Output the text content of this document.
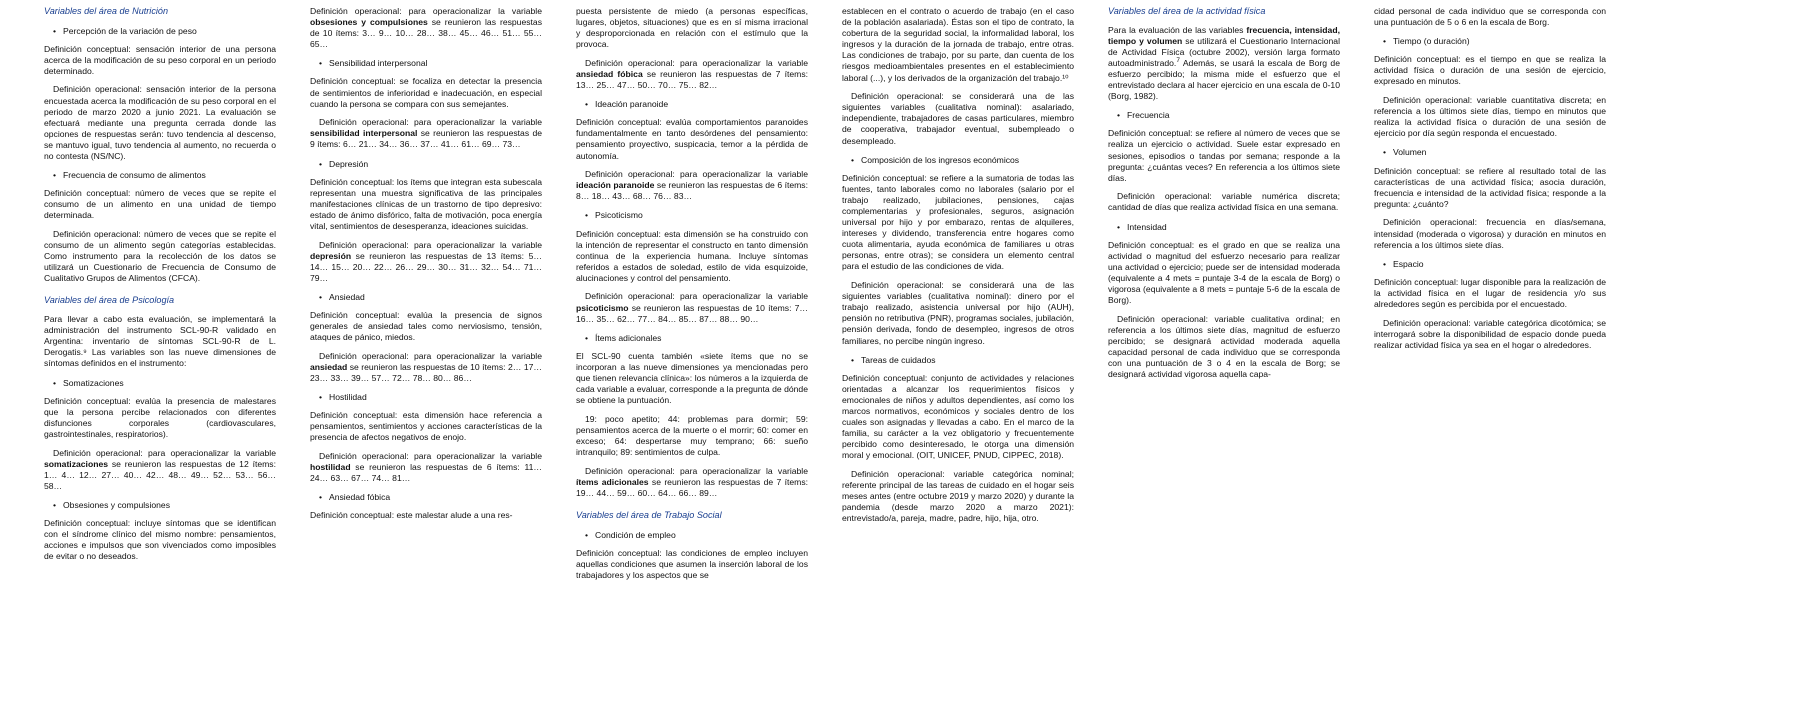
Variables del área de Nutrición

• Percepción de la variación de peso

Definición conceptual: sensación interior de una persona acerca de la modificación de su peso corporal en un periodo determinado.

Definición operacional: sensación interior de la persona encuestada acerca la modificación de su peso corporal en el periodo de marzo 2020 a junio 2021. La evaluación se efectuará mediante una pregunta cerrada donde las opciones de respuestas serán: tuvo tendencia al descenso, se mantuvo igual, tuvo tendencia al aumento, no recuerda o no contesta (NS/NC).

• Frecuencia de consumo de alimentos

Definición conceptual: número de veces que se repite el consumo de un alimento en una unidad de tiempo determinada.

Definición operacional: número de veces que se repite el consumo de un alimento según categorías establecidas. Como instrumento para la recolección de los datos se utilizará un Cuestionario de Frecuencia de Consumo de Cualitativo Grupos de Alimentos (CFCA).

Variables del área de Psicología

Para llevar a cabo esta evaluación, se implementará la administración del instrumento SCL-90-R validado en Argentina: inventario de síntomas SCL-90-R de L. Derogatis.⁹ Las variables son las nueve dimensiones de síntomas definidos en el instrumento:

• Somatizaciones

Definición conceptual: evalúa la presencia de malestares que la persona percibe relacionados con diferentes disfunciones corporales (cardiovasculares, gastrointestinales, respiratorios).

Definición operacional: para operacionalizar la variable somatizaciones se reunieron las respuestas de 12 ítems: 1… 4… 12… 27… 40… 42… 48… 49… 52… 53… 56… 58…

• Obsesiones y compulsiones

Definición conceptual: incluye síntomas que se identifican con el síndrome clínico del mismo nombre: pensamientos, acciones e impulsos que son vivenciados como imposibles de evitar o no deseados.

Definición operacional: para operacionalizar la variable obsesiones y compulsiones se reunieron las respuestas de 10 ítems: 3… 9… 10… 28… 38… 45… 46… 51… 55… 65…

• Sensibilidad interpersonal

Definición conceptual: se focaliza en detectar la presencia de sentimientos de inferioridad e inadecuación, en especial cuando la persona se compara con sus semejantes.

Definición operacional: para operacionalizar la variable sensibilidad interpersonal se reunieron las respuestas de 9 ítems: 6… 21… 34… 36… 37… 41… 61… 69… 73…

• Depresión

Definición conceptual: los ítems que integran esta subescala representan una muestra significativa de las principales manifestaciones clínicas de un trastorno de tipo depresivo: estado de ánimo disfórico, falta de motivación, poca energía vital, sentimientos de desesperanza, ideaciones suicidas.

Definición operacional: para operacionalizar la variable depresión se reunieron las respuestas de 13 ítems: 5… 14… 15… 20… 22… 26… 29… 30… 31… 32… 54… 71… 79…

• Ansiedad

Definición conceptual: evalúa la presencia de signos generales de ansiedad tales como nerviosismo, tensión, ataques de pánico, miedos.

Definición operacional: para operacionalizar la variable ansiedad se reunieron las respuestas de 10 ítems: 2… 17… 23… 33… 39… 57… 72… 78… 80… 86…

• Hostilidad

Definición conceptual: esta dimensión hace referencia a pensamientos, sentimientos y acciones características de la presencia de afectos negativos de enojo.

Definición operacional: para operacionalizar la variable hostilidad se reunieron las respuestas de 6 ítems: 11… 24… 63… 67… 74… 81…

• Ansiedad fóbica

Definición conceptual: este malestar alude a una res-

puesta persistente de miedo (a personas específicas, lugares, objetos, situaciones) que es en sí misma irracional y desproporcionada en relación con el estímulo que la provoca.

Definición operacional: para operacionalizar la variable ansiedad fóbica se reunieron las respuestas de 7 ítems: 13… 25… 47… 50… 70… 75… 82…

• Ideación paranoide

Definición conceptual: evalúa comportamientos paranoides fundamentalmente en tanto desórdenes del pensamiento: pensamiento proyectivo, suspicacia, temor a la pérdida de autonomía.

Definición operacional: para operacionalizar la variable ideación paranoide se reunieron las respuestas de 6 ítems: 8… 18… 43… 68… 76… 83…

• Psicoticismo

Definición conceptual: esta dimensión se ha construido con la intención de representar el constructo en tanto dimensión continua de la experiencia humana. Incluye síntomas referidos a estados de soledad, estilo de vida esquizoide, alucinaciones y control del pensamiento.

Definición operacional: para operacionalizar la variable psicoticismo se reunieron las respuestas de 10 ítems: 7… 16… 35… 62… 77… 84… 85… 87… 88… 90…

• Ítems adicionales

El SCL-90 cuenta también «siete ítems que no se incorporan a las nueve dimensiones ya mencionadas pero que tienen relevancia clínica»: los números a la izquierda de cada variable a evaluar, corresponde a la pregunta de dónde se obtiene la puntuación.

19: poco apetito; 44: problemas para dormir; 59: pensamientos acerca de la muerte o el morrir; 60: comer en exceso; 64: despertarse muy temprano; 66: sueño intranquilo; 89: sentimientos de culpa.

Definición operacional: para operacionalizar la variable ítems adicionales se reunieron las respuestas de 7 ítems: 19… 44… 59… 60… 64… 66… 89…

Variables del área de Trabajo Social

• Condición de empleo

Definición conceptual: las condiciones de empleo incluyen aquellas condiciones que asumen la inserción laboral de los trabajadores y los aspectos que se

establecen en el contrato o acuerdo de trabajo (en el caso de la población asalariada). Éstas son el tipo de contrato, la cobertura de la seguridad social, la informalidad laboral, los ingresos y la duración de la jornada de trabajo, entre otras. Las condiciones de trabajo, por su parte, dan cuenta de los riesgos medioambientales presentes en el establecimiento laboral (...), y los derivados de la organización del trabajo.¹⁰

Definición operacional: se considerará una de las siguientes variables (cualitativa nominal): asalariado, independiente, trabajadores de casas particulares, miembro de cooperativa, trabajador eventual, subempleado o desempleado.

• Composición de los ingresos económicos

Definición conceptual: se refiere a la sumatoria de todas las fuentes, tanto laborales como no laborales (salario por el trabajo realizado, jubilaciones, pensiones, cajas complementarias y profesionales, seguros, asignación universal por hijo y por embarazo, rentas de alquileres, intereses y dividendo, transferencia entre hogares como cuota alimentaria, ayuda económica de familiares u otras personas, entre otras); se considera un elemento central para el estudio de las condiciones de vida.

Definición operacional: se considerará una de las siguientes variables (cualitativa nominal): dinero por el trabajo realizado, asistencia universal por hijo (AUH), pensión no retributiva (PNR), programas sociales, jubilación, pensión derivada, fondo de desempleo, ingresos de otros familiares, no percibe ningún ingreso.

• Tareas de cuidados

Definición conceptual: conjunto de actividades y relaciones orientadas a alcanzar los requerimientos físicos y emocionales de niños y adultos dependientes, así como los marcos normativos, económicos y sociales dentro de los cuales son asignadas y llevadas a cabo. En el marco de la familia, su carácter a la vez obligatorio y frecuentemente percibido como desinteresado, le otorga una dimensión moral y emocional. (OIT, UNICEF, PNUD, CIPPEC, 2018).

Definición operacional: variable categórica nominal; referente principal de las tareas de cuidado en el hogar seis meses antes (entre octubre 2019 y marzo 2020) y durante la pandemia (desde marzo 2020 a marzo 2021): entrevistado/a, pareja, madre, padre, hijo, hija, otro.

Variables del área de la actividad física

Para la evaluación de las variables frecuencia, intensidad, tiempo y volumen se utilizará el Cuestionario Internacional de Actividad Física (octubre 2002), versión larga formato autoadministrado.$^7$ Además, se usará la escala de Borg de esfuerzo percibido; la misma mide el esfuerzo que el entrevistado declara al hacer ejercicio en una escala de 0-10 (Borg, 1982).

• Frecuencia

Definición conceptual: se refiere al número de veces que se realiza un ejercicio o actividad. Suele estar expresado en sesiones, episodios o tandas por semana; responde a la pregunta: ¿cuántas veces? En referencia a los últimos siete días.

Definición operacional: variable numérica discreta; cantidad de días que realiza actividad física en una semana.

• Intensidad

Definición conceptual: es el grado en que se realiza una actividad o magnitud del esfuerzo necesario para realizar una actividad o ejercicio; puede ser de intensidad moderada (equivalente a 4 mets = puntaje 3-4 de la escala de Borg) o vigorosa (equivalente a 8 mets = puntaje 5-6 de la escala de Borg).

Definición operacional: variable cualitativa ordinal; en referencia a los últimos siete días, magnitud de esfuerzo percibido; se designará actividad moderada aquella capacidad personal de cada individuo que se corresponda con una puntuación de 3 o 4 en la escala de Borg; se designará actividad vigorosa aquella capa-

cidad personal de cada individuo que se corresponda con una puntuación de 5 o 6 en la escala de Borg.

• Tiempo (o duración)

Definición conceptual: es el tiempo en que se realiza la actividad física o duración de una sesión de ejercicio, expresado en minutos.

Definición operacional: variable cuantitativa discreta; en referencia a los últimos siete días, tiempo en minutos que realiza la actividad física o duración de una sesión de ejercicio por día según responda el encuestado.

• Volumen

Definición conceptual: se refiere al resultado total de las características de una actividad física; asocia duración, frecuencia e intensidad de la actividad física; responde a la pregunta: ¿cuánto?

Definición operacional: frecuencia en días/semana, intensidad (moderada o vigorosa) y duración en minutos en referencia a los últimos siete días.

• Espacio

Definición conceptual: lugar disponible para la realización de la actividad física en el lugar de residencia y/o sus alrededores según es percibida por el encuestado.

Definición operacional: variable categórica dicotómica; se interrogará sobre la disponibilidad de espacio donde pueda realizar actividad física ya sea en el hogar o alrededores.
